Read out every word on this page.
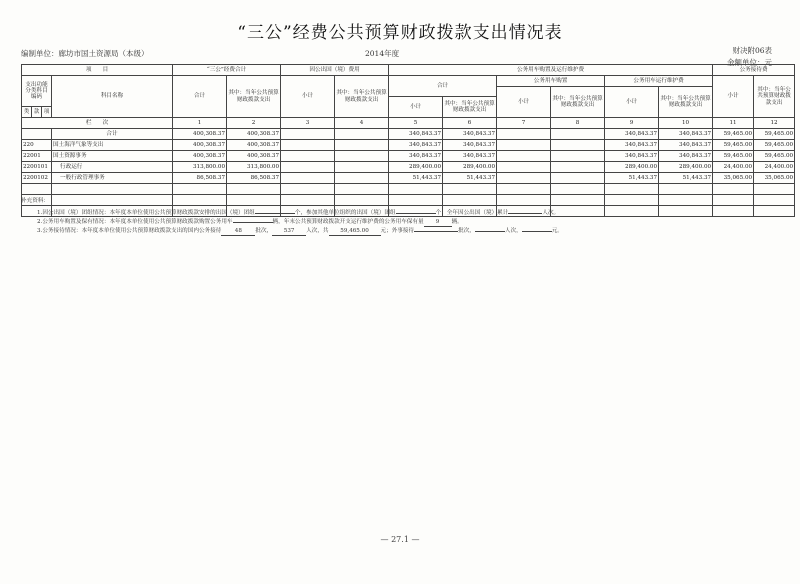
“三公”经费公共预算财政拨款支出情况表
编制单位：廊坊市国土资源局（本级）	2014年度	财决附06表
金额单位：元
项　　目				“三公”经费合计		因公出国（境）费用		公务用车购置及运行维护费						公务接待费	
支出功能分类科目编码			科目名称	合计	其中：当年公共预算财政拨款支出	小计	其中：当年公共预算财政拨款支出	合计		公务用车购置		公务用车运行维护费		小计	其中：当年公共预算财政拨款支出
										小计	其中：当年公共预算财政拨款支出	小计	其中：当年公共预算财政拨款支出		
								小计	其中：当年公共预算财政拨款支出						
类	款	项													
栏　　次				1	2	3	4	5	6	7	8	9	10	11	12
			合计	400,308.37	400,308.37			340,843.37	340,843.37			340,843.37	340,843.37	59,465.00	59,465.00
220			国土海洋气象等支出	400,308.37	400,308.37			340,843.37	340,843.37			340,843.37	340,843.37	59,465.00	59,465.00
22001			国土资源事务	400,308.37	400,308.37			340,843.37	340,843.37			340,843.37	340,843.37	59,465.00	59,465.00
2200101			行政运行	313,800.00	313,800.00			289,400.00	289,400.00			289,400.00	289,400.00	24,400.00	24,400.00
2200102			一般行政管理事务	86,508.37	86,508.37			51,443.37	51,443.37			51,443.37	51,443.37	35,065.00	35,065.00

补充资料：
1.因公出国（境）团组情况：本年度本单位使用公共预算财政拨款安排的出国（境）团组	个，参加其他单位组织的出国（境）团组	个；全年因公出国（境）累计	人次。
2.公务用车购置及保有情况：本年度本单位使用公共预算财政拨款购置公务用车	辆，年末公共预算财政拨款开支运行维护费的公务用车保有量 9 辆。
3.公务接待情况：本年度本单位使用公共预算财政拨款支出的国内公务接待 48 批次， 537 人次，共 59,465.00 元；外事接待	批次，	人次，	元。
— 27.1 —
